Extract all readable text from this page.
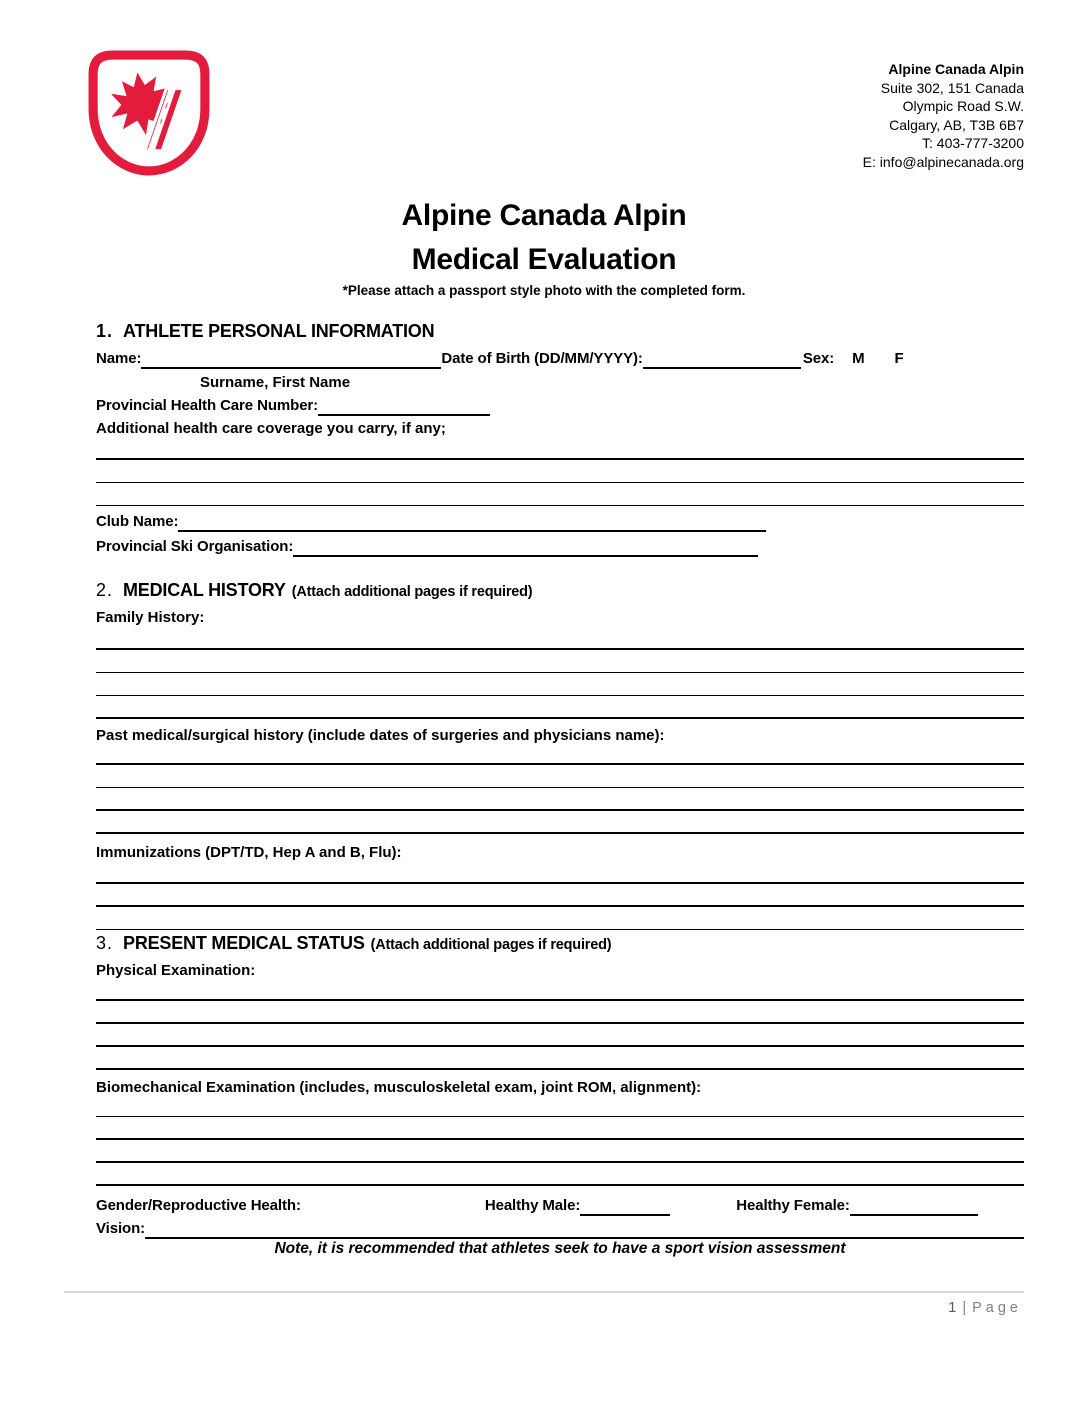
Alpine Canada Alpin
Suite 302, 151 Canada
Olympic Road S.W.
Calgary, AB, T3B 6B7
T: 403-777-3200
E: info@alpinecanada.org
Alpine Canada Alpin
Medical Evaluation
*Please attach a passport style photo with the completed form.
1. ATHLETE PERSONAL INFORMATION
Name:	Date of Birth (DD/MM/YYYY):	Sex: M F
Surname, First Name
Provincial Health Care Number:
Additional health care coverage you carry, if any;
Club Name:
Provincial Ski Organisation:
2. MEDICAL HISTORY (Attach additional pages if required)
Family History:
Past medical/surgical history (include dates of surgeries and physicians name):
Immunizations (DPT/TD, Hep A and B, Flu):
3. PRESENT MEDICAL STATUS (Attach additional pages if required)
Physical Examination:
Biomechanical Examination (includes, musculoskeletal exam, joint ROM, alignment):
Gender/Reproductive Health:	Healthy Male:	Healthy Female:
Vision:
Note, it is recommended that athletes seek to have a sport vision assessment
1 | Page
